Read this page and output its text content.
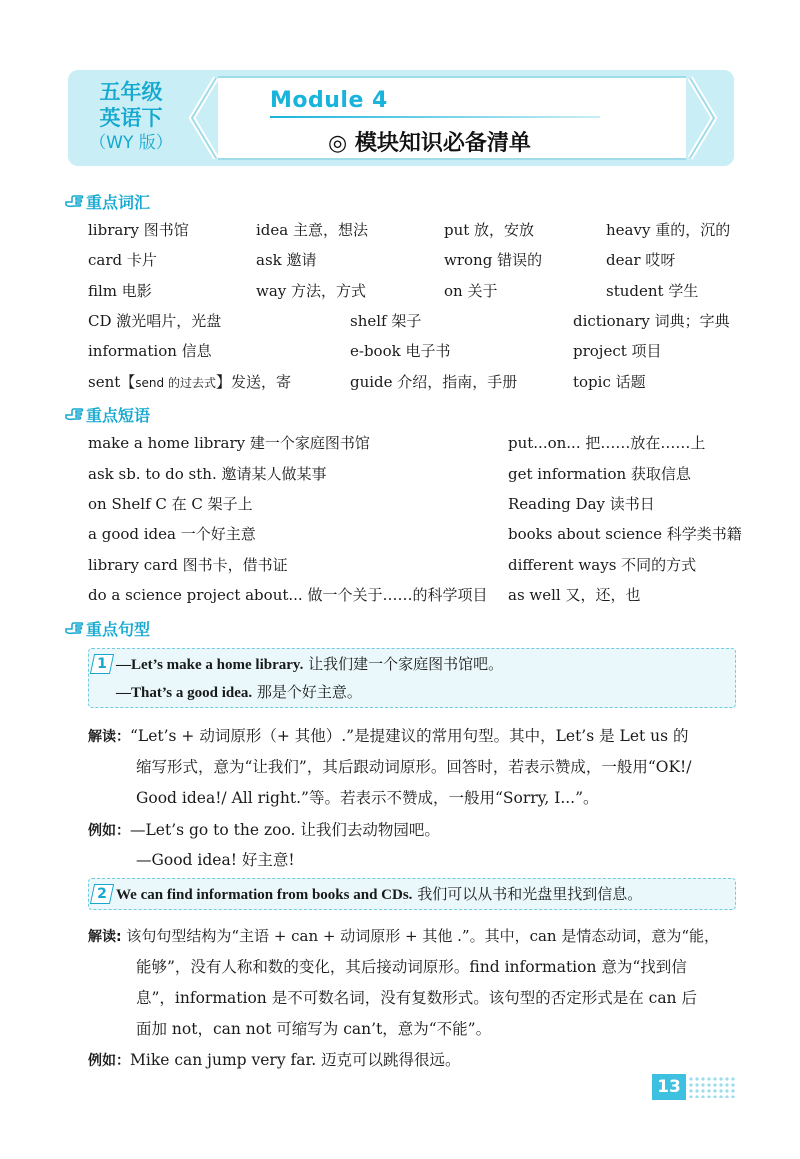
五年级
英语下
（WY 版）
Module 4
◎ 模块知识必备清单
重点词汇
library 图书馆	idea 主意，想法	put 放，安放	heavy 重的，沉的
card 卡片	ask 邀请	wrong 错误的	dear 哎呀
film 电影	way 方法，方式	on 关于	student 学生
CD 激光唱片，光盘	shelf 架子	dictionary 词典；字典
information 信息	e-book 电子书	project 项目
sent【send 的过去式】发送，寄	guide 介绍，指南，手册	topic 话题
重点短语
make a home library 建一个家庭图书馆	put...on... 把……放在……上
ask sb. to do sth. 邀请某人做某事	get information 获取信息
on Shelf C 在 C 架子上	Reading Day 读书日
a good idea 一个好主意	books about science 科学类书籍
library card 图书卡，借书证	different ways 不同的方式
do a science project about... 做一个关于……的科学项目 as well 又，还，也
重点句型
1 —Let’s make a home library. 让我们建一个家庭图书馆吧。
—That’s a good idea. 那是个好主意。
解读：“Let’s + 动词原形（+ 其他）.”是提建议的常用句型。其中，Let’s 是 Let us 的
缩写形式，意为“让我们”，其后跟动词原形。回答时，若表示赞成，一般用“OK!/
Good idea!/ All right.”等。若表示不赞成，一般用“Sorry, I...”。
例如：—Let’s go to the zoo. 让我们去动物园吧。
—Good idea! 好主意!
2 We can find information from books and CDs. 我们可以从书和光盘里找到信息。
解读: 该句句型结构为“主语 + can + 动词原形 + 其他 .”。其中，can 是情态动词，意为“能，
能够”，没有人称和数的变化，其后接动词原形。find information 意为“找到信
息”，information 是不可数名词，没有复数形式。该句型的否定形式是在 can 后
面加 not，can not 可缩写为 can’t，意为“不能”。
例如：Mike can jump very far. 迈克可以跳得很远。
13
